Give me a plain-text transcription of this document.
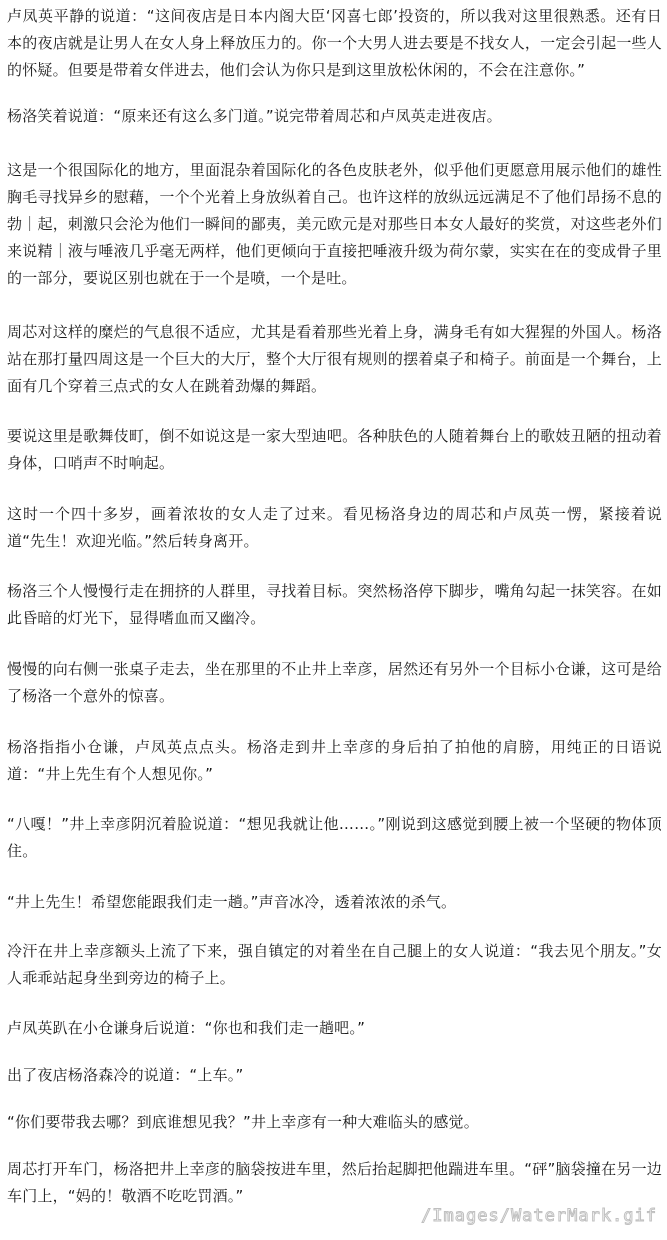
卢凤英平静的说道：“这间夜店是日本内阁大臣‘冈喜七郎’投资的，所以我对这里很熟悉。还有日本的夜店就是让男人在女人身上释放压力的。你一个大男人进去要是不找女人，一定会引起一些人的怀疑。但要是带着女伴进去，他们会认为你只是到这里放松休闲的，不会在注意你。”

杨洛笑着说道：“原来还有这么多门道。”说完带着周芯和卢凤英走进夜店。

这是一个很国际化的地方，里面混杂着国际化的各色皮肤老外，似乎他们更愿意用展示他们的雄性胸毛寻找异乡的慰藉，一个个光着上身放纵着自己。也许这样的放纵远远满足不了他们昂扬不息的勃｜起，刺激只会沦为他们一瞬间的鄙夷，美元欧元是对那些日本女人最好的奖赏，对这些老外们来说精｜液与唾液几乎毫无两样，他们更倾向于直接把唾液升级为荷尔蒙，实实在在的变成骨子里的一部分，要说区别也就在于一个是喷，一个是吐。

周芯对这样的糜烂的气息很不适应，尤其是看着那些光着上身，满身毛有如大猩猩的外国人。杨洛站在那打量四周这是一个巨大的大厅，整个大厅很有规则的摆着桌子和椅子。前面是一个舞台，上面有几个穿着三点式的女人在跳着劲爆的舞蹈。

要说这里是歌舞伎町，倒不如说这是一家大型迪吧。各种肤色的人随着舞台上的歌妓丑陋的扭动着身体，口哨声不时响起。

这时一个四十多岁，画着浓妆的女人走了过来。看见杨洛身边的周芯和卢凤英一愣，紧接着说道“先生！欢迎光临。”然后转身离开。

杨洛三个人慢慢行走在拥挤的人群里，寻找着目标。突然杨洛停下脚步，嘴角勾起一抹笑容。在如此昏暗的灯光下，显得嗜血而又幽冷。

慢慢的向右侧一张桌子走去，坐在那里的不止井上幸彦，居然还有另外一个目标小仓谦，这可是给了杨洛一个意外的惊喜。

杨洛指指小仓谦，卢凤英点点头。杨洛走到井上幸彦的身后拍了拍他的肩膀，用纯正的日语说道：“井上先生有个人想见你。”

“八嘎！”井上幸彦阴沉着脸说道：“想见我就让他……。”刚说到这感觉到腰上被一个坚硬的物体顶住。

“井上先生！希望您能跟我们走一趟。”声音冰冷，透着浓浓的杀气。

冷汗在井上幸彦额头上流了下来，强自镇定的对着坐在自己腿上的女人说道：“我去见个朋友。”女人乖乖站起身坐到旁边的椅子上。

卢凤英趴在小仓谦身后说道：“你也和我们走一趟吧。”

出了夜店杨洛森冷的说道：“上车。”

“你们要带我去哪？到底谁想见我？”井上幸彦有一种大难临头的感觉。

周芯打开车门，杨洛把井上幸彦的脑袋按进车里，然后抬起脚把他踹进车里。“砰”脑袋撞在另一边车门上，“妈的！敬酒不吃吃罚酒。”

/Images/WaterMark.gif
